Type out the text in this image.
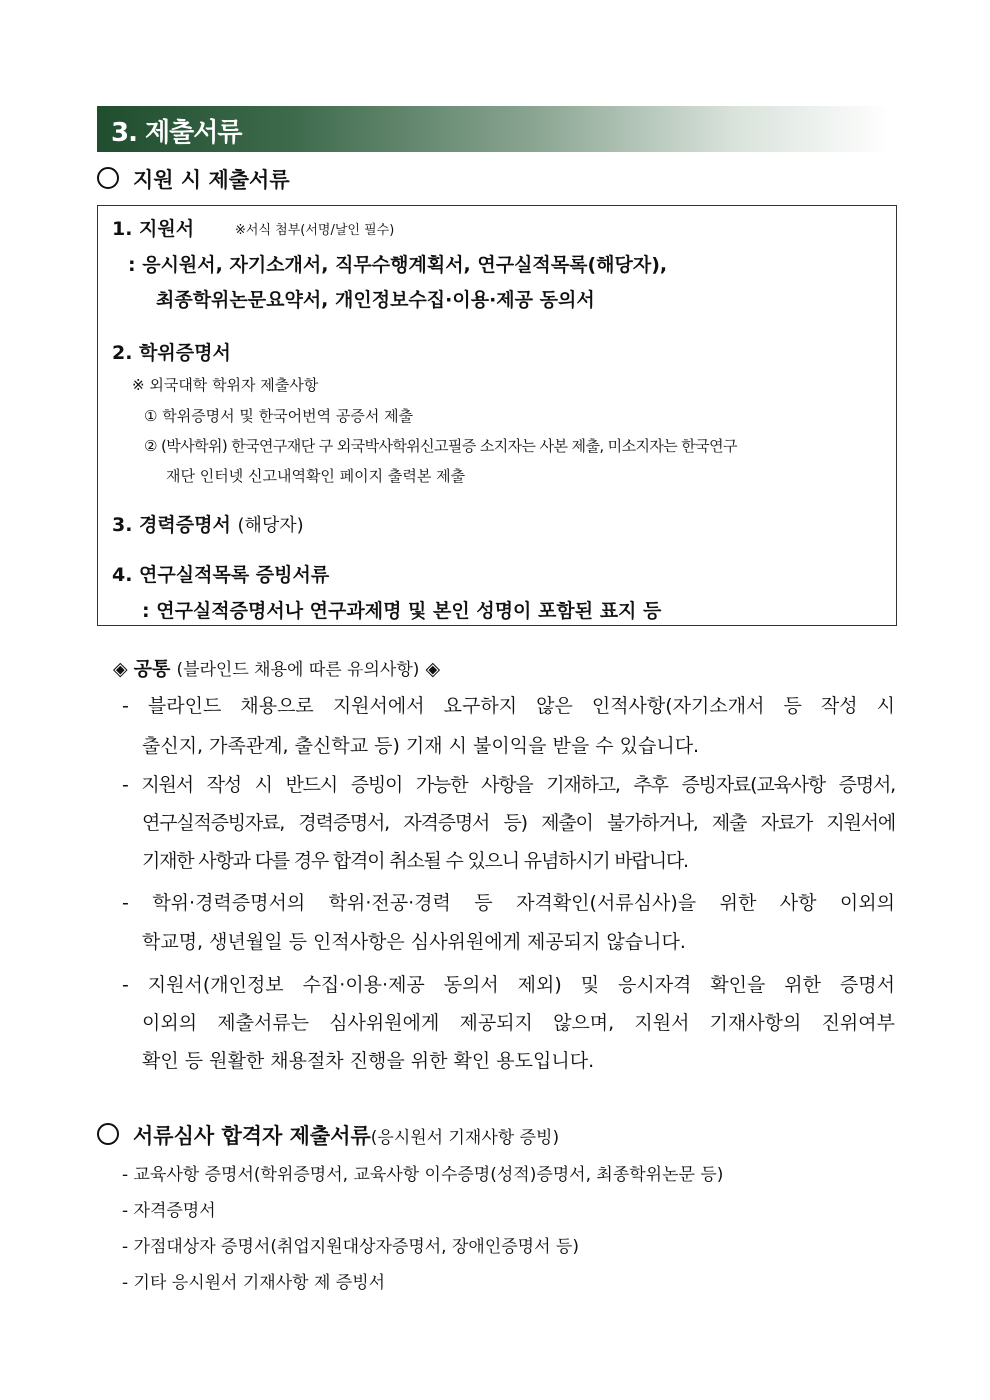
3. 제출서류
지원 시 제출서류
1. 지원서	※서식 첨부(서명/날인 필수)
: 응시원서, 자기소개서, 직무수행계획서, 연구실적목록(해당자),
최종학위논문요약서, 개인정보수집·이용·제공 동의서
2. 학위증명서
※ 외국대학 학위자 제출사항
① 학위증명서 및 한국어번역 공증서 제출
② (박사학위) 한국연구재단 구 외국박사학위신고필증 소지자는 사본 제출, 미소지자는 한국연구
재단 인터넷 신고내역확인 페이지 출력본 제출
3. 경력증명서 (해당자)
4. 연구실적목록 증빙서류
: 연구실적증명서나 연구과제명 및 본인 성명이 포함된 표지 등
◈ 공통 (블라인드 채용에 따른 유의사항) ◈
- 블라인드 채용으로 지원서에서 요구하지 않은 인적사항(자기소개서 등 작성 시
출신지, 가족관계, 출신학교 등) 기재 시 불이익을 받을 수 있습니다.
- 지원서 작성 시 반드시 증빙이 가능한 사항을 기재하고, 추후 증빙자료(교육사항 증명서,
연구실적증빙자료, 경력증명서, 자격증명서 등) 제출이 불가하거나, 제출 자료가 지원서에
기재한 사항과 다를 경우 합격이 취소될 수 있으니 유념하시기 바랍니다.
- 학위·경력증명서의 학위·전공·경력 등 자격확인(서류심사)을 위한 사항 이외의
학교명, 생년월일 등 인적사항은 심사위원에게 제공되지 않습니다.
- 지원서(개인정보 수집·이용·제공 동의서 제외) 및 응시자격 확인을 위한 증명서
이외의 제출서류는 심사위원에게 제공되지 않으며, 지원서 기재사항의 진위여부
확인 등 원활한 채용절차 진행을 위한 확인 용도입니다.
서류심사 합격자 제출서류(응시원서 기재사항 증빙)
- 교육사항 증명서(학위증명서, 교육사항 이수증명(성적)증명서, 최종학위논문 등)
- 자격증명서
- 가점대상자 증명서(취업지원대상자증명서, 장애인증명서 등)
- 기타 응시원서 기재사항 제 증빙서
